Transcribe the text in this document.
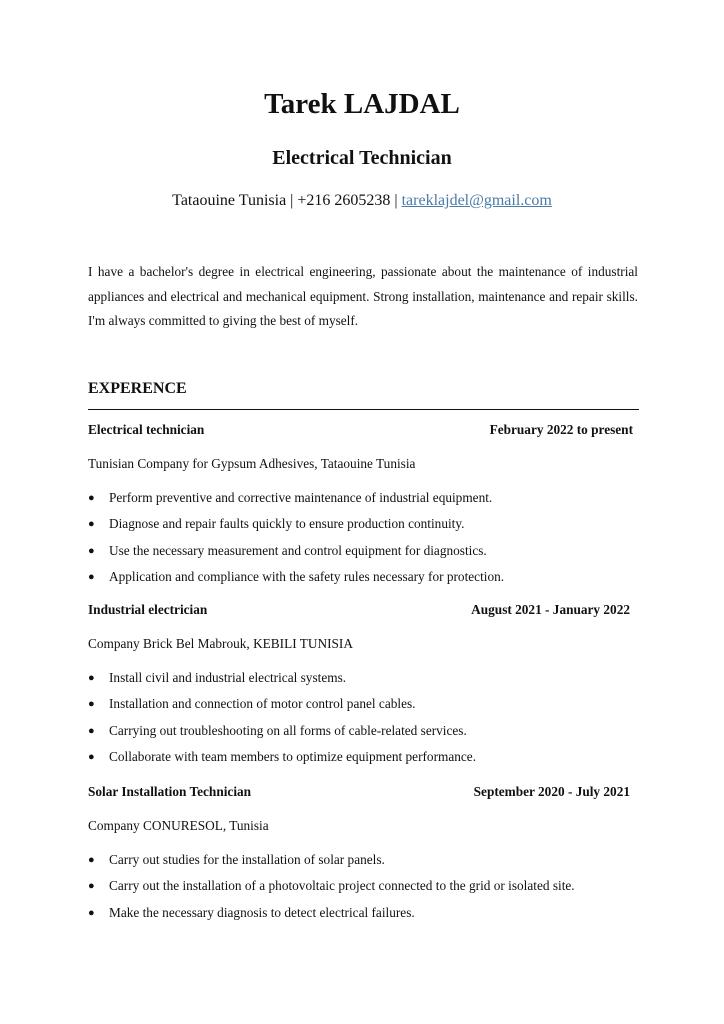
Tarek LAJDAL
Electrical Technician
Tataouine Tunisia | +216 2605238 | tareklajdel@gmail.com
I have a bachelor's degree in electrical engineering, passionate about the maintenance of industrial appliances and electrical and mechanical equipment. Strong installation, maintenance and repair skills. I'm always committed to giving the best of myself.
EXPERENCE
Electrical technician	February 2022 to present
Tunisian Company for Gypsum Adhesives, Tataouine Tunisia
● Perform preventive and corrective maintenance of industrial equipment.
● Diagnose and repair faults quickly to ensure production continuity.
● Use the necessary measurement and control equipment for diagnostics.
● Application and compliance with the safety rules necessary for protection.
Industrial electrician	August 2021 - January 2022
Company Brick Bel Mabrouk, KEBILI TUNISIA
● Install civil and industrial electrical systems.
● Installation and connection of motor control panel cables.
● Carrying out troubleshooting on all forms of cable-related services.
● Collaborate with team members to optimize equipment performance.
Solar Installation Technician	September 2020 - July 2021
Company CONURESOL, Tunisia
● Carry out studies for the installation of solar panels.
● Carry out the installation of a photovoltaic project connected to the grid or isolated site.
● Make the necessary diagnosis to detect electrical failures.
